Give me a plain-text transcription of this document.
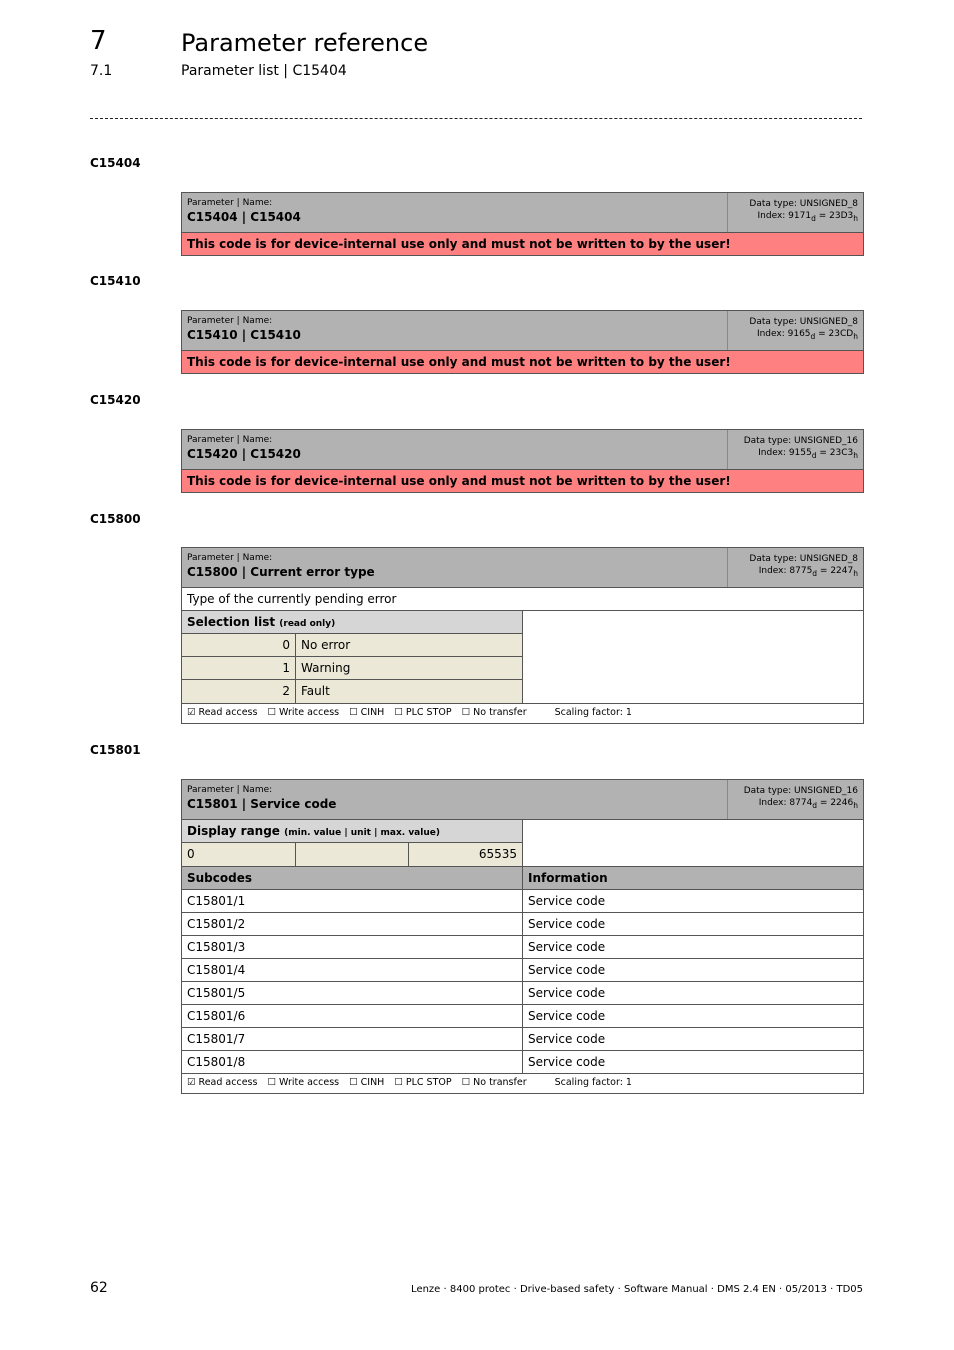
7	Parameter reference
7.1	Parameter list | C15404
C15404
Parameter | Name:
C15404 | C15404
Data type: UNSIGNED_8
Index: $9171_d = 23D3_h$
This code is for device-internal use only and must not be written to by the user!
C15410
Parameter | Name:
C15410 | C15410
Data type: UNSIGNED_8
Index: $9165_d = 23CD_h$
This code is for device-internal use only and must not be written to by the user!
C15420
Parameter | Name:
C15420 | C15420
Data type: UNSIGNED_16
Index: $9155_d = 23C3_h$
This code is for device-internal use only and must not be written to by the user!
C15800
Parameter | Name:
C15800 | Current error type
Data type: UNSIGNED_8
Index: $8775_d = 2247_h$
Type of the currently pending error
Selection list (read only)
0 No error
1 Warning
2 Fault
☑ Read access ☐ Write access ☐ CINH ☐ PLC STOP ☐ No transfer	Scaling factor: 1
C15801
Parameter | Name:
C15801 | Service code
Data type: UNSIGNED_16
Index: $8774_d = 2246_h$
Display range (min. value | unit | max. value)
0	65535
Subcodes	Information
C15801/1	Service code
C15801/2	Service code
C15801/3	Service code
C15801/4	Service code
C15801/5	Service code
C15801/6	Service code
C15801/7	Service code
C15801/8	Service code
☑ Read access ☐ Write access ☐ CINH ☐ PLC STOP ☐ No transfer	Scaling factor: 1
62	Lenze · 8400 protec · Drive-based safety · Software Manual · DMS 2.4 EN · 05/2013 · TD05
